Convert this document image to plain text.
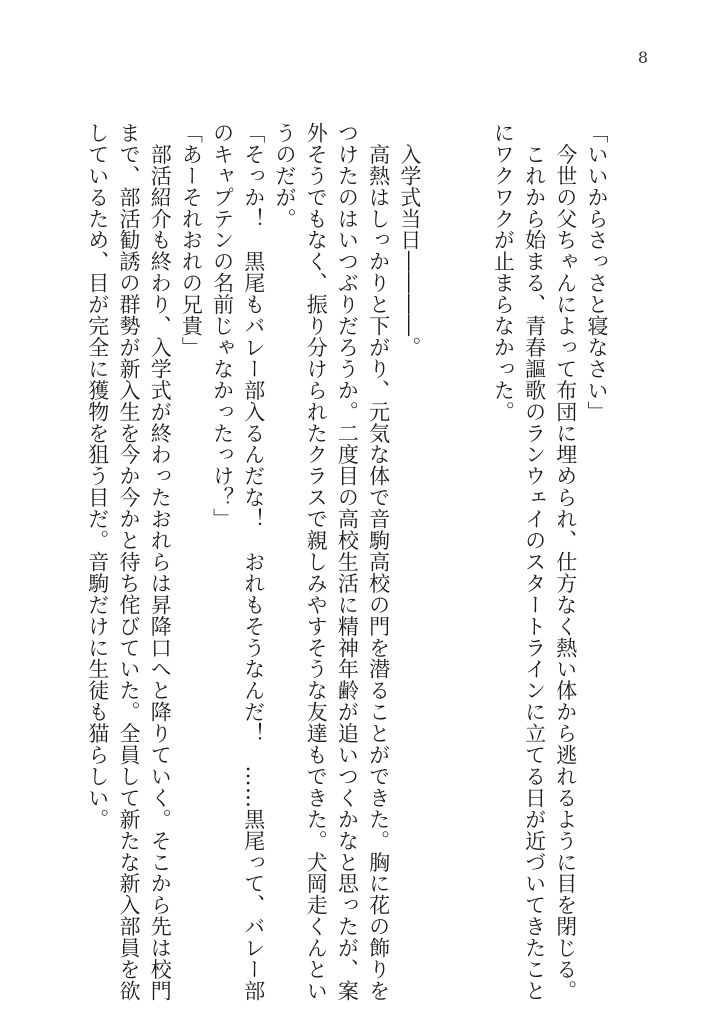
8

「いいからさっさと寝なさい」

　今世の父ちゃんによって布団に埋められ、仕方なく熱い体から逃れるように目を閉じる。

　これから始まる、青春謳歌のランウェイのスタートラインに立てる日が近づいてきたこと

にワクワクが止まらなかった。

　入学式当日――――。

　高熱はしっかりと下がり、元気な体で音駒高校の門を潜ることができた。胸に花の飾りを

つけたのはいつぶりだろうか。二度目の高校生活に精神年齢が追いつくかなと思ったが、案

外そうでもなく、振り分けられたクラスで親しみやすそうな友達もできた。犬岡走くんとい

うのだが。

「そっか！　黒尾もバレー部入るんだな！　おれもそうなんだ！　……黒尾って、バレー部

のキャプテンの名前じゃなかったっけ？」

「あーそれおれの兄貴」

　部活紹介も終わり、入学式が終わったおれらは昇降口へと降りていく。そこから先は校門

まで、部活勧誘の群勢が新入生を今か今かと待ち侘びていた。全員して新たな新入部員を欲

しているため、目が完全に獲物を狙う目だ。音駒だけに生徒も猫らしい。
